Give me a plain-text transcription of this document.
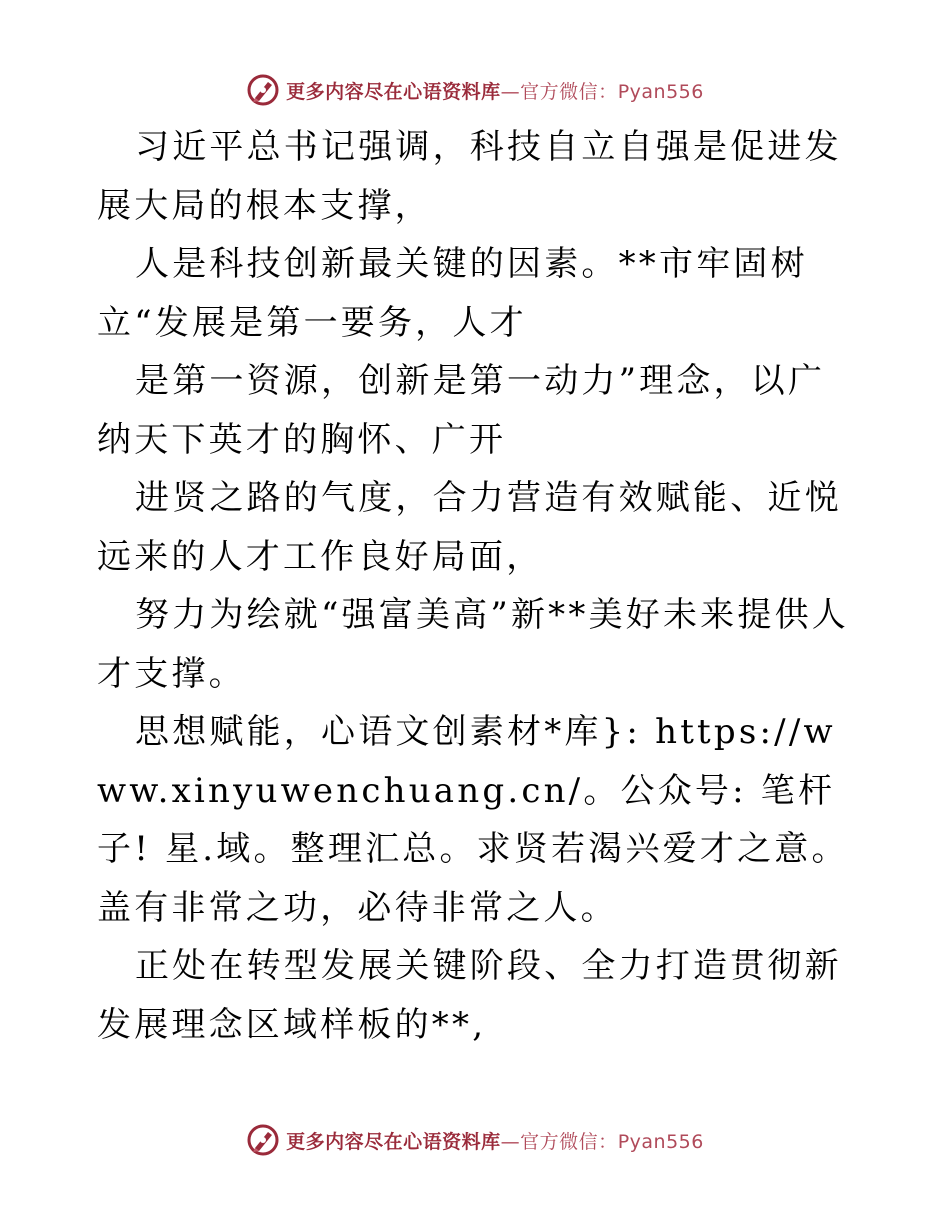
更多内容尽在心语资料库—官方微信：Pyan556

习近平总书记强调，科技自立自强是促进发展大局的根本支撑，

人是科技创新最关键的因素。**市牢固树立“发展是第一要务，人才

是第一资源，创新是第一动力”理念，以广纳天下英才的胸怀、广开

进贤之路的气度，合力营造有效赋能、近悦远来的人才工作良好局面，

努力为绘就“强富美高”新**美好未来提供人才支撑。

思想赋能，心语文创素材*库}: https://www.xinyuwenchuang.cn/。公众号: 笔杆子! 星.域。整理汇总。求贤若渴兴爱才之意。盖有非常之功，必待非常之人。

正处在转型发展关键阶段、全力打造贯彻新发展理念区域样板的**,

更多内容尽在心语资料库—官方微信：Pyan556
